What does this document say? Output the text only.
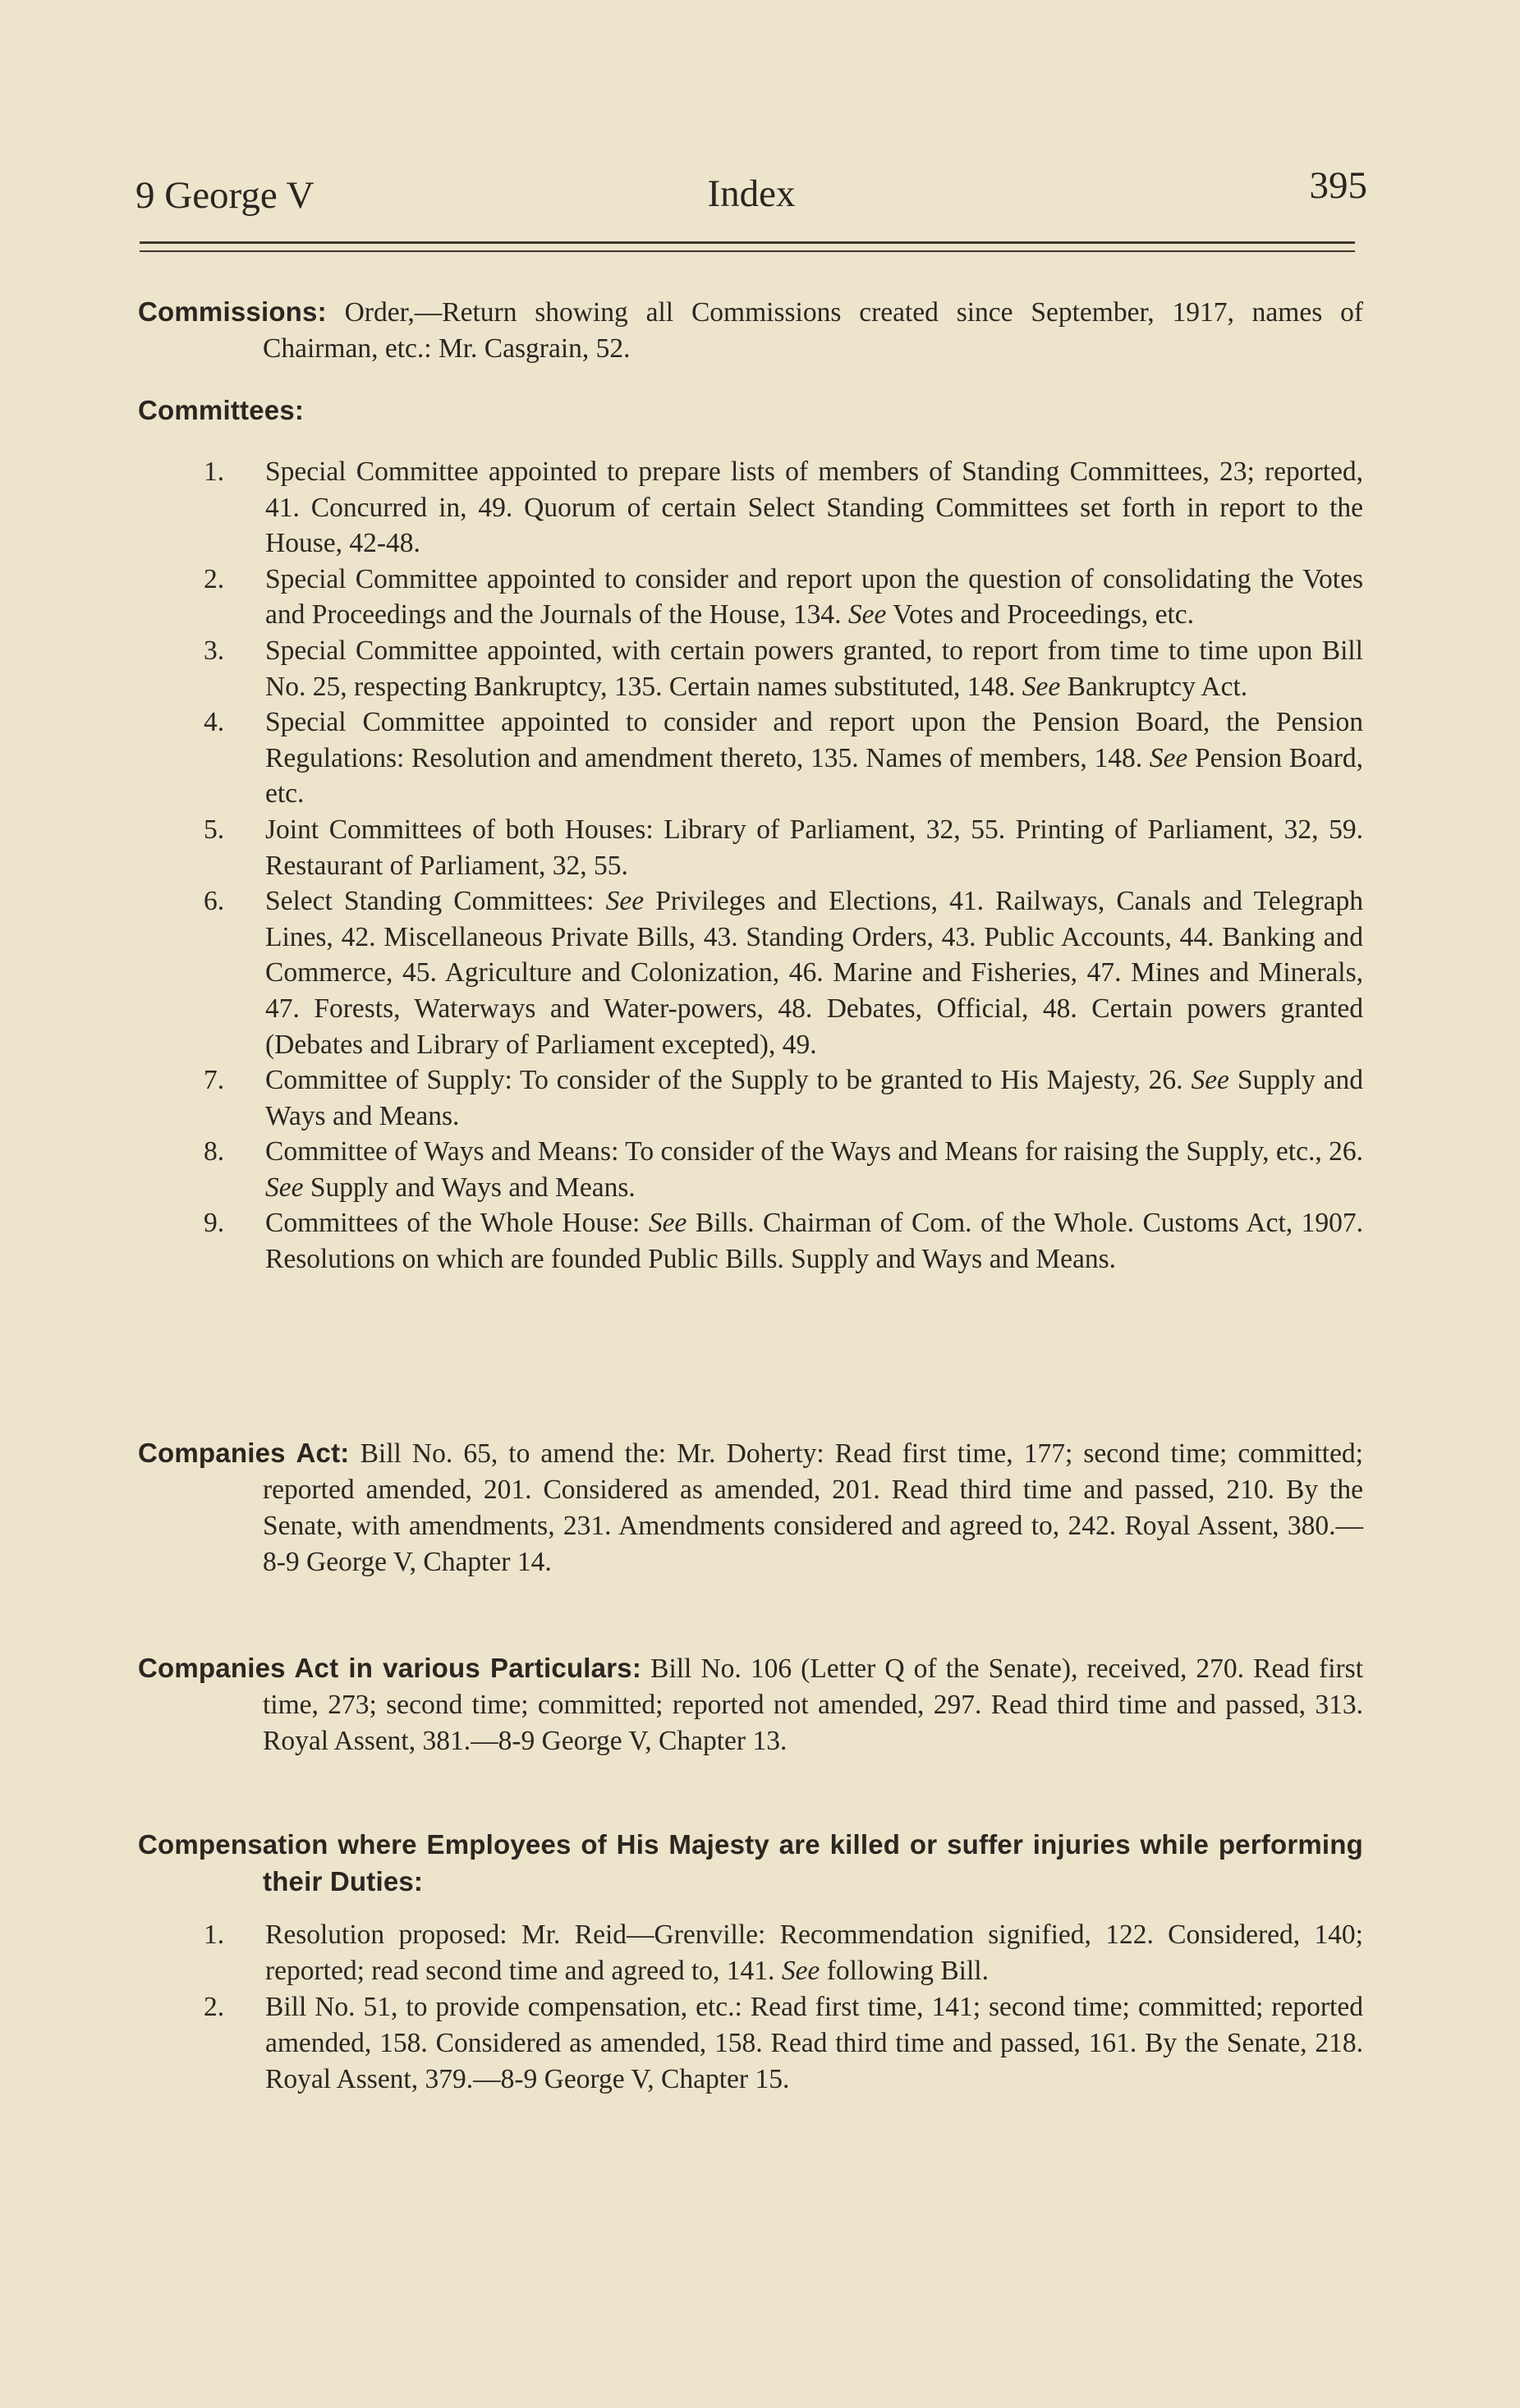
9 George V	Index	395

Commissions: Order,—Return showing all Commissions created since September, 1917, names of Chairman, etc.: Mr. Casgrain, 52.

Committees:

1. Special Committee appointed to prepare lists of members of Standing Committees, 23; reported, 41. Concurred in, 49. Quorum of certain Select Standing Committees set forth in report to the House, 42-48.
2. Special Committee appointed to consider and report upon the question of consolidating the Votes and Proceedings and the Journals of the House, 134. See Votes and Proceedings, etc.
3. Special Committee appointed, with certain powers granted, to report from time to time upon Bill No. 25, respecting Bankruptcy, 135. Certain names substituted, 148. See Bankruptcy Act.
4. Special Committee appointed to consider and report upon the Pension Board, the Pension Regulations: Resolution and amendment thereto, 135. Names of members, 148. See Pension Board, etc.
5. Joint Committees of both Houses: Library of Parliament, 32, 55. Printing of Parliament, 32, 59. Restaurant of Parliament, 32, 55.
6. Select Standing Committees: See Privileges and Elections, 41. Railways, Canals and Telegraph Lines, 42. Miscellaneous Private Bills, 43. Standing Orders, 43. Public Accounts, 44. Banking and Commerce, 45. Agriculture and Colonization, 46. Marine and Fisheries, 47. Mines and Minerals, 47. Forests, Waterways and Water-powers, 48. Debates, Official, 48. Certain powers granted (Debates and Library of Parliament excepted), 49.
7. Committee of Supply: To consider of the Supply to be granted to His Majesty, 26. See Supply and Ways and Means.
8. Committee of Ways and Means: To consider of the Ways and Means for raising the Supply, etc., 26. See Supply and Ways and Means.
9. Committees of the Whole House: See Bills. Chairman of Com. of the Whole. Customs Act, 1907. Resolutions on which are founded Public Bills. Supply and Ways and Means.

Companies Act: Bill No. 65, to amend the: Mr. Doherty: Read first time, 177; second time; committed; reported amended, 201. Considered as amended, 201. Read third time and passed, 210. By the Senate, with amendments, 231. Amendments considered and agreed to, 242. Royal Assent, 380.—8-9 George V, Chapter 14.

Companies Act in various Particulars: Bill No. 106 (Letter Q of the Senate), received, 270. Read first time, 273; second time; committed; reported not amended, 297. Read third time and passed, 313. Royal Assent, 381.—8-9 George V, Chapter 13.

Compensation where Employees of His Majesty are killed or suffer injuries while performing their Duties:

1. Resolution proposed: Mr. Reid—Grenville: Recommendation signified, 122. Considered, 140; reported; read second time and agreed to, 141. See following Bill.
2. Bill No. 51, to provide compensation, etc.: Read first time, 141; second time; committed; reported amended, 158. Considered as amended, 158. Read third time and passed, 161. By the Senate, 218. Royal Assent, 379.—8-9 George V, Chapter 15.
